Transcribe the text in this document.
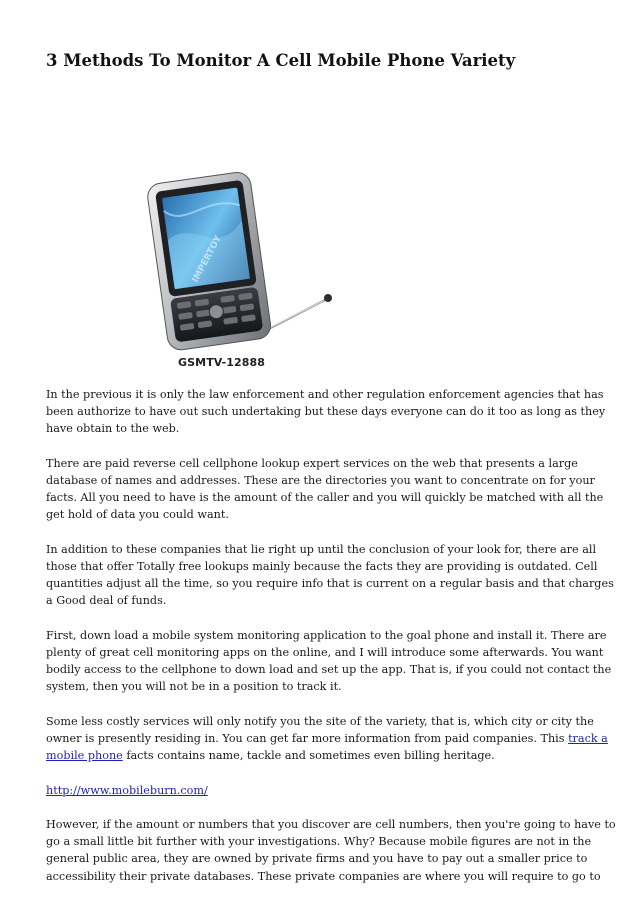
3 Methods To Monitor A Cell Mobile Phone Variety
IMPERTOY
GSMTV-12888

In the previous it is only the law enforcement and other regulation enforcement agencies that has
been authorize to have out such undertaking but these days everyone can do it too as long as they
have obtain to the web.

There are paid reverse cell cellphone lookup expert services on the web that presents a large
database of names and addresses. These are the directories you want to concentrate on for your
facts. All you need to have is the amount of the caller and you will quickly be matched with all the
get hold of data you could want.

In addition to these companies that lie right up until the conclusion of your look for, there are all
those that offer Totally free lookups mainly because the facts they are providing is outdated. Cell
quantities adjust all the time, so you require info that is current on a regular basis and that charges
a Good deal of funds.

First, down load a mobile system monitoring application to the goal phone and install it. There are
plenty of great cell monitoring apps on the online, and I will introduce some afterwards. You want
bodily access to the cellphone to down load and set up the app. That is, if you could not contact the
system, then you will not be in a position to track it.

Some less costly services will only notify you the site of the variety, that is, which city or city the
owner is presently residing in. You can get far more information from paid companies. This track a
mobile phone facts contains name, tackle and sometimes even billing heritage.

http://www.mobileburn.com/

However, if the amount or numbers that you discover are cell numbers, then you're going to have to
go a small little bit further with your investigations. Why? Because mobile figures are not in the
general public area, they are owned by private firms and you have to pay out a smaller price to
accessibility their private databases. These private companies are where you will require to go to
